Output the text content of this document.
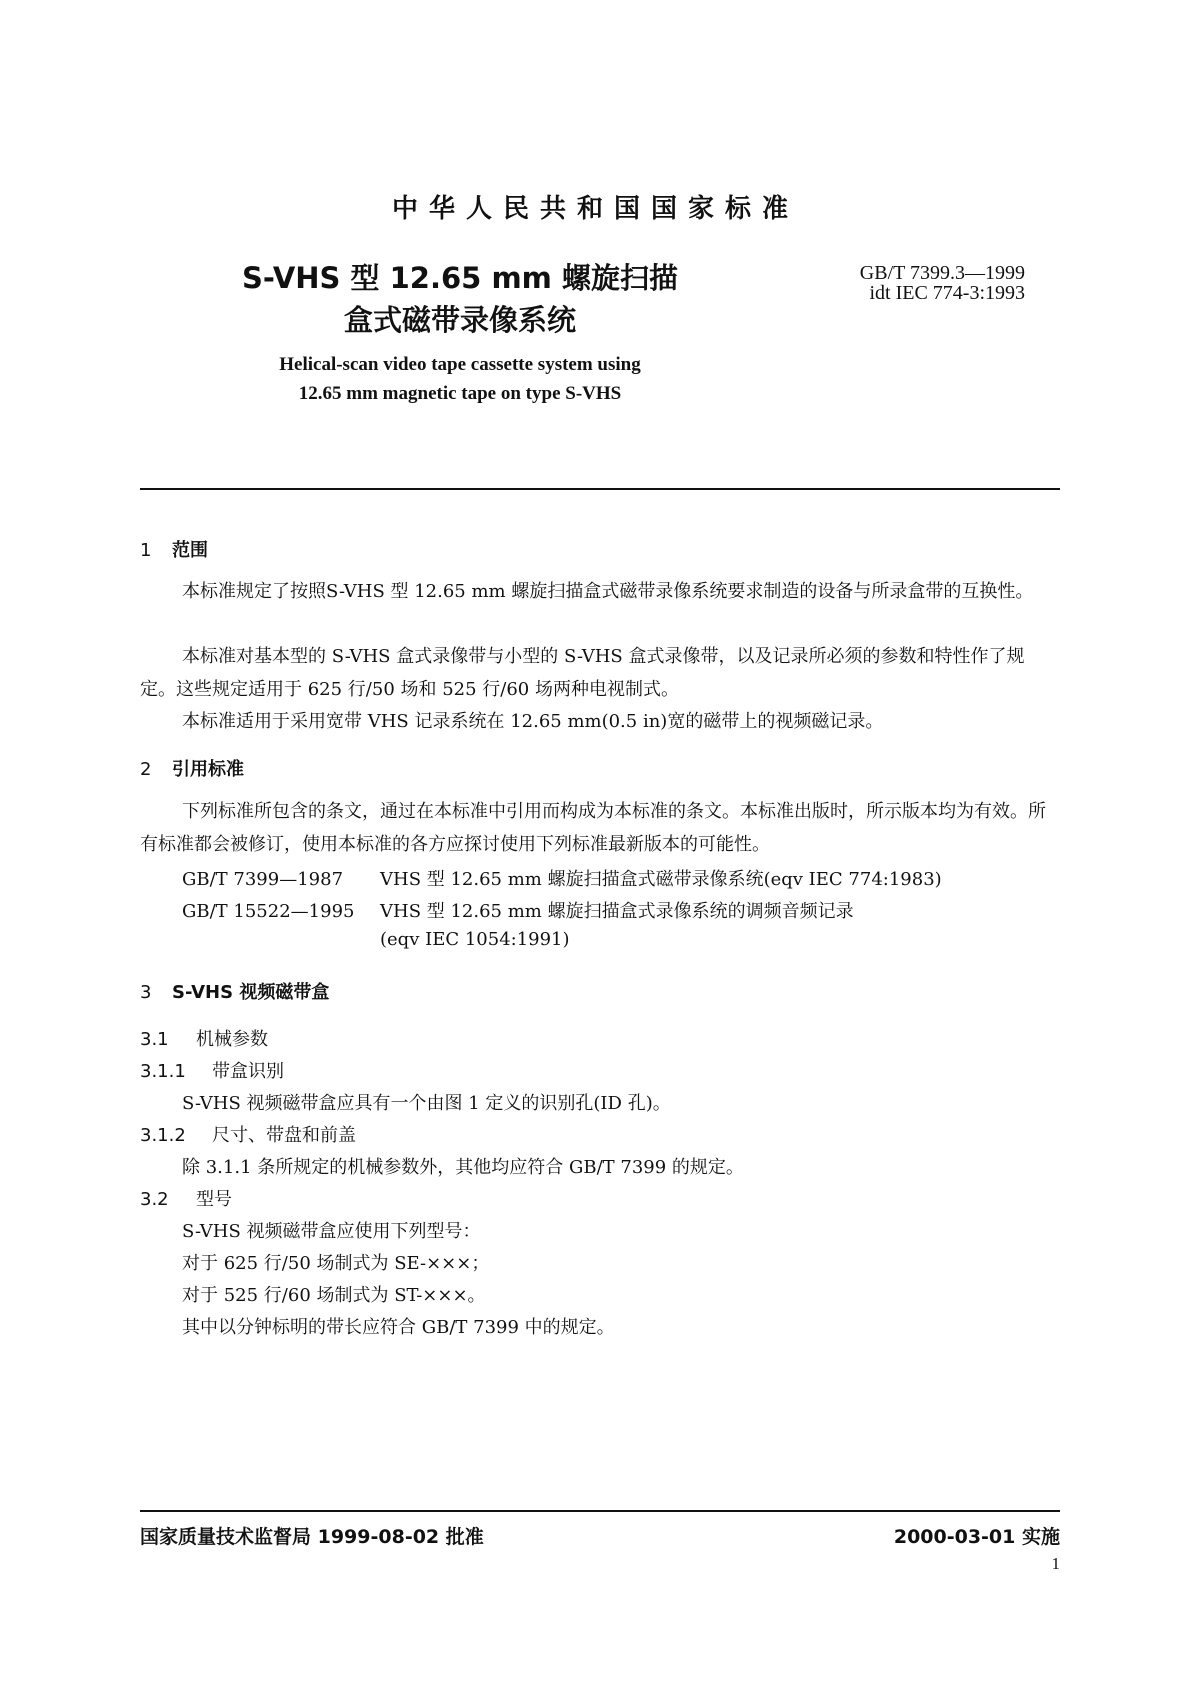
中华人民共和国国家标准
S-VHS 型 12.65 mm 螺旋扫描
盒式磁带录像系统
GB/T 7399.3—1999
idt IEC 774-3:1993
Helical-scan video tape cassette system using
12.65 mm magnetic tape on type S-VHS
1 范围
本标准规定了按照S-VHS 型 12.65 mm 螺旋扫描盒式磁带录像系统要求制造的设备与所录盒带的互换性。
本标准对基本型的 S-VHS 盒式录像带与小型的 S-VHS 盒式录像带，以及记录所必须的参数和特性作了规定。这些规定适用于 625 行/50 场和 525 行/60 场两种电视制式。
本标准适用于采用宽带 VHS 记录系统在 12.65 mm(0.5 in)宽的磁带上的视频磁记录。
2 引用标准
下列标准所包含的条文，通过在本标准中引用而构成为本标准的条文。本标准出版时，所示版本均为有效。所有标准都会被修订，使用本标准的各方应探讨使用下列标准最新版本的可能性。
GB/T 7399—1987 VHS 型 12.65 mm 螺旋扫描盒式磁带录像系统(eqv IEC 774:1983)
GB/T 15522—1995 VHS 型 12.65 mm 螺旋扫描盒式录像系统的调频音频记录
(eqv IEC 1054:1991)
3 S-VHS 视频磁带盒
3.1 机械参数
3.1.1 带盒识别
S-VHS 视频磁带盒应具有一个由图 1 定义的识别孔(ID 孔)。
3.1.2 尺寸、带盘和前盖
除 3.1.1 条所规定的机械参数外，其他均应符合 GB/T 7399 的规定。
3.2 型号
S-VHS 视频磁带盒应使用下列型号：
对于 625 行/50 场制式为 SE-×××；
对于 525 行/60 场制式为 ST-×××。
其中以分钟标明的带长应符合 GB/T 7399 中的规定。
国家质量技术监督局 1999-08-02 批准	2000-03-01 实施
1
